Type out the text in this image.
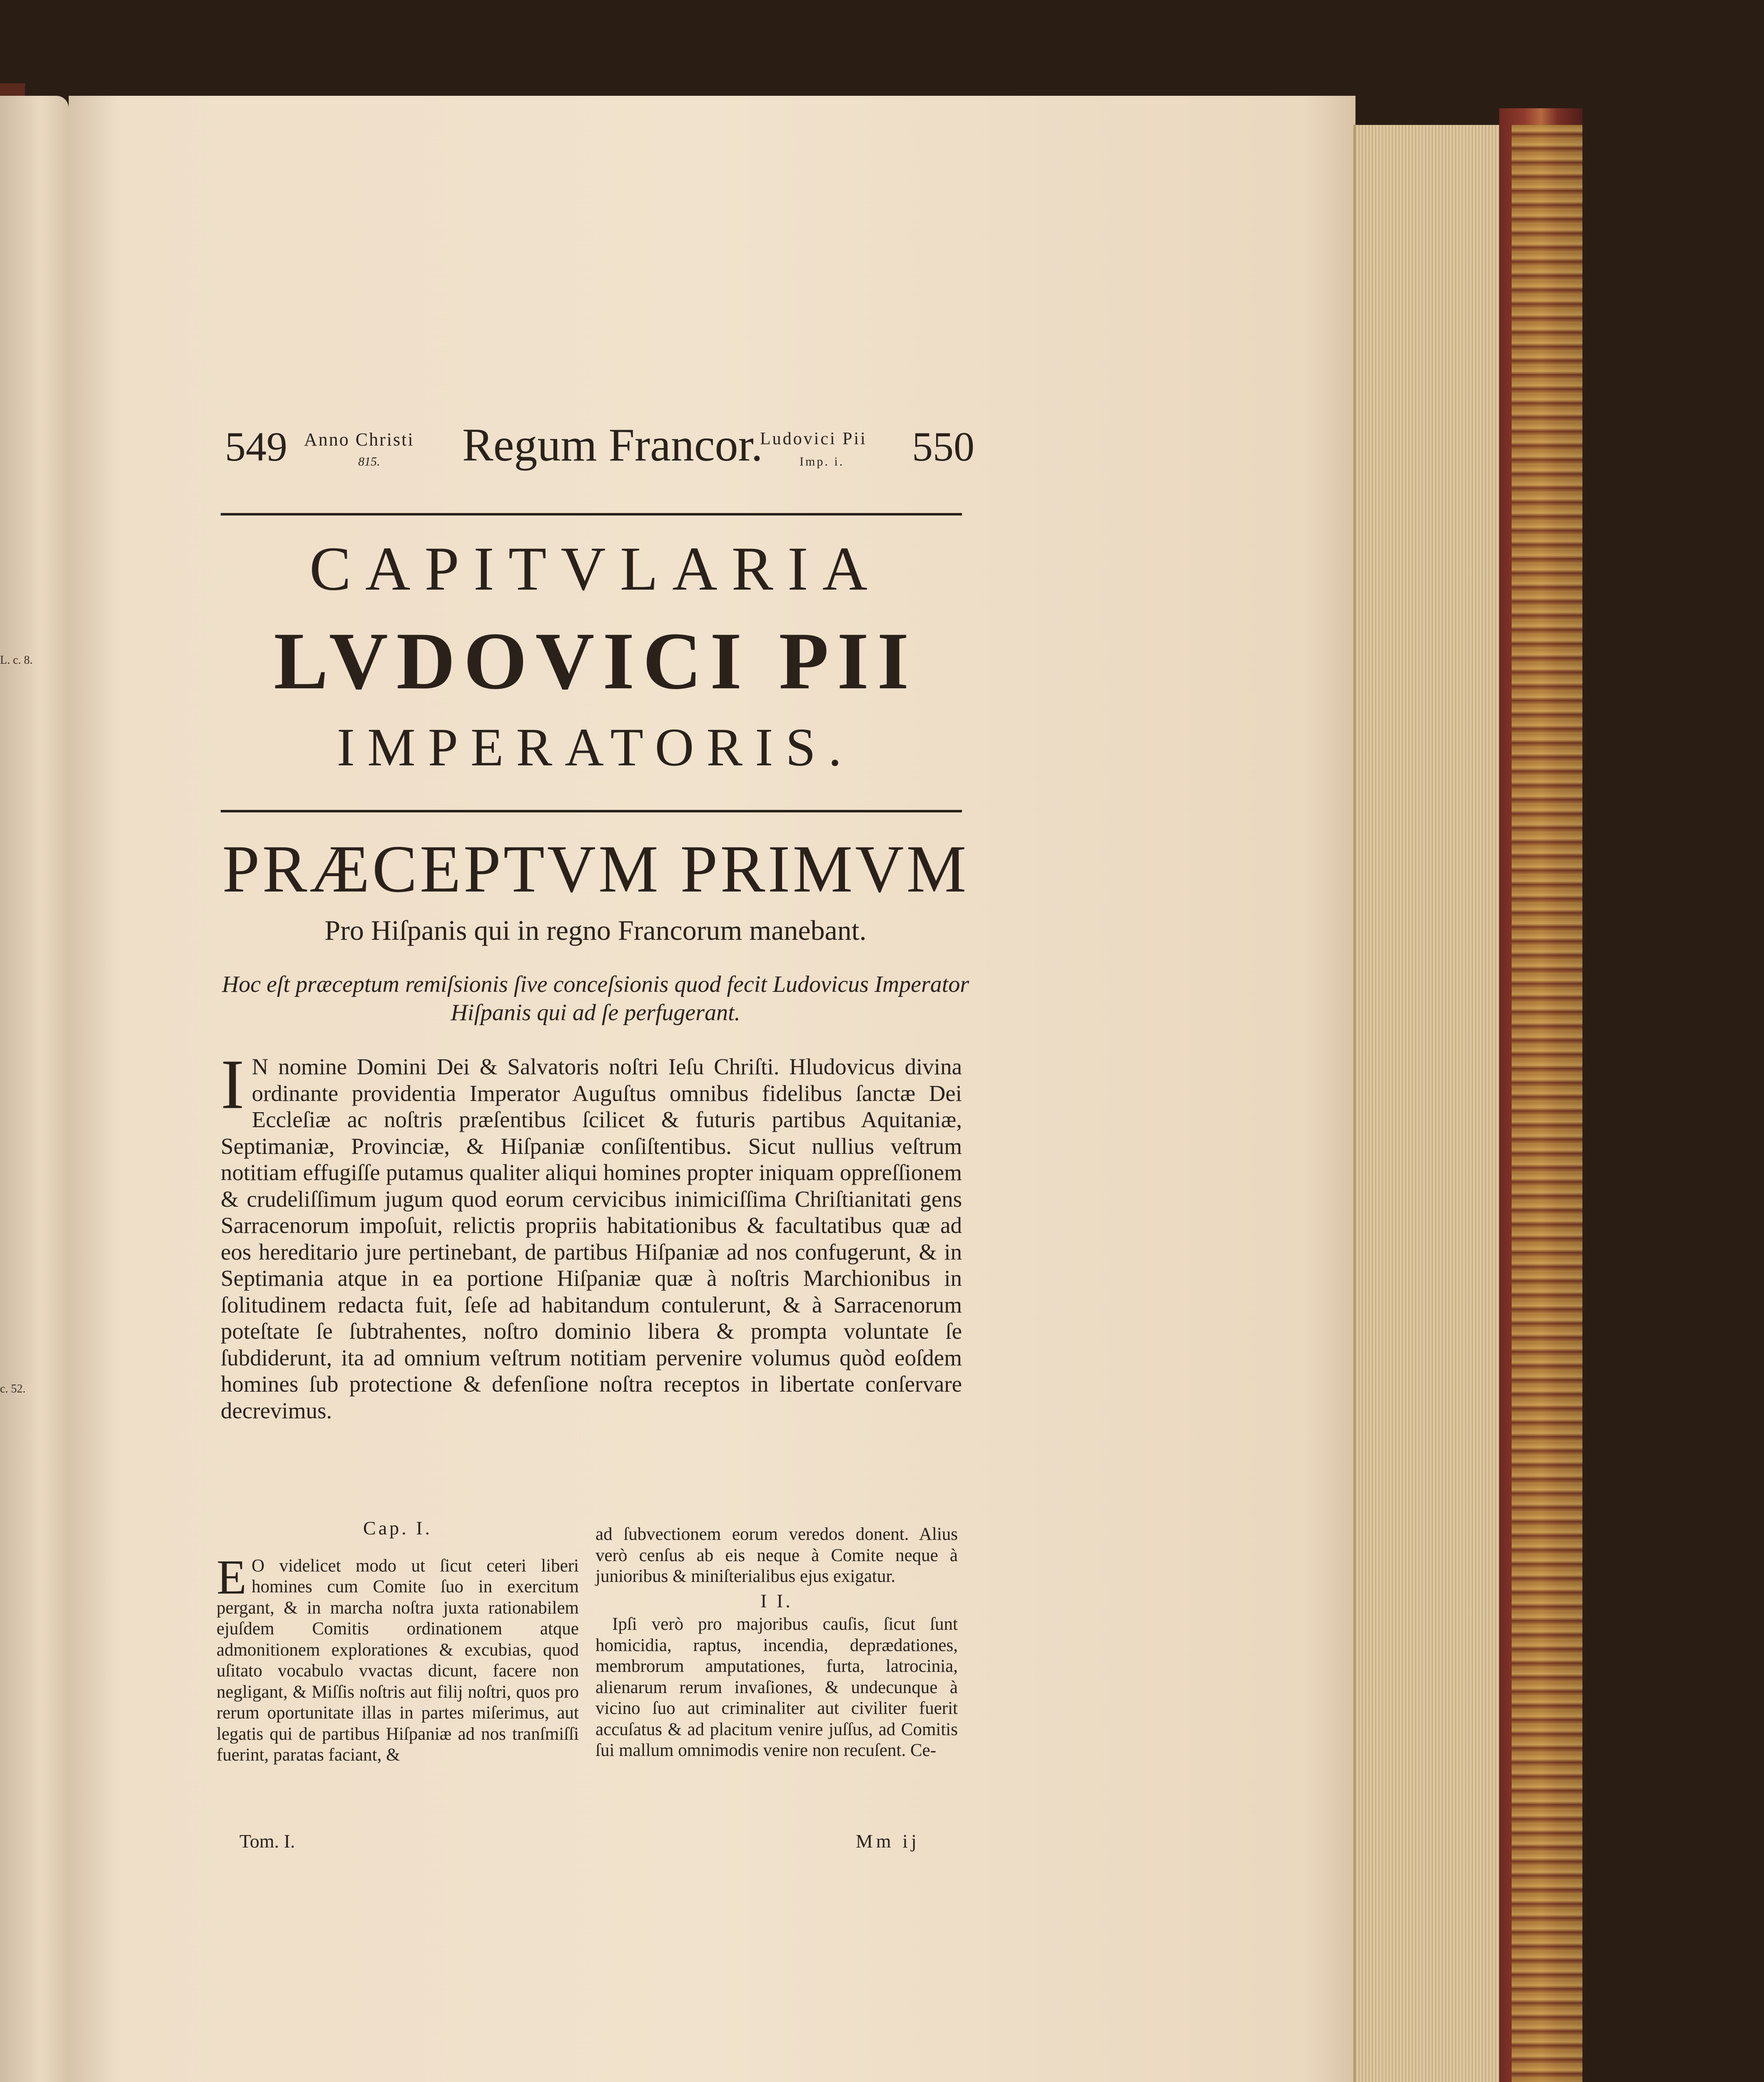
L. c. 8.
c. 52.
549 Anno Christi
815. Regum Francor.
Ludovici Pii
Imp. i. 550
CAPITVLARIA
LVDOVICI PII
IMPERATORIS.
PRÆCEPTVM PRIMVM
Pro Hiſpanis qui in regno Francorum manebant.
Hoc eſt præceptum remiſsionis ſive conceſsionis quod fecit Ludovicus Imperator
Hiſpanis qui ad ſe perfugerant.
I N nomine Domini Dei & Salvatoris noſtri Ieſu Chriſti. Hludovicus divina ordinante providentia Imperator Auguſtus omnibus fidelibus ſanctæ Dei Eccleſiæ ac noſtris præſentibus ſcilicet & futuris partibus Aquitaniæ, Septimaniæ, Provinciæ, & Hiſpaniæ conſiſtentibus. Sicut nullius veſtrum notitiam effugiſſe putamus qualiter aliqui homines propter iniquam oppreſſionem & crudeliſſimum jugum quod eorum cervicibus inimiciſſima Chriſtianitati gens Sarracenorum impoſuit, relictis propriis habitationibus & facultatibus quæ ad eos hereditario jure pertinebant, de partibus Hiſpaniæ ad nos confugerunt, & in Septimania atque in ea portione Hiſpaniæ quæ à noſtris Marchionibus in ſolitudinem redacta fuit, ſeſe ad habitandum contulerunt, & à Sarracenorum poteſtate ſe ſubtrahentes, noſtro dominio libera & prompta voluntate ſe ſubdiderunt, ita ad omnium veſtrum notitiam pervenire volumus quòd eoſdem homines ſub protectione & defenſione noſtra receptos in libertate conſervare decrevimus.
Cap. I.
E O videlicet modo ut ſicut ceteri liberi homines cum Comite ſuo in exercitum pergant, & in marcha noſtra juxta rationabilem ejuſdem Comitis ordinationem atque admonitionem explorationes & excubias, quod uſitato vocabulo vvactas dicunt, facere non negligant, & Miſſis noſtris aut filij noſtri, quos pro rerum oportunitate illas in partes miſerimus, aut legatis qui de partibus Hiſpaniæ ad nos tranſmiſſi fuerint, paratas faciant, &
ad ſubvectionem eorum veredos donent. Alius verò cenſus ab eis neque à Comite neque à junioribus & miniſterialibus ejus exigatur.
I I.
Ipſi verò pro majoribus cauſis, ſicut ſunt homicidia, raptus, incendia, deprædationes, membrorum amputationes, furta, latrocinia, alienarum rerum invaſiones, & undecunque à vicino ſuo aut criminaliter aut civiliter fuerit accuſatus & ad placitum venire juſſus, ad Comitis ſui mallum omnimodis venire non recuſent. Ce-
Tom. I.	Mm ij
